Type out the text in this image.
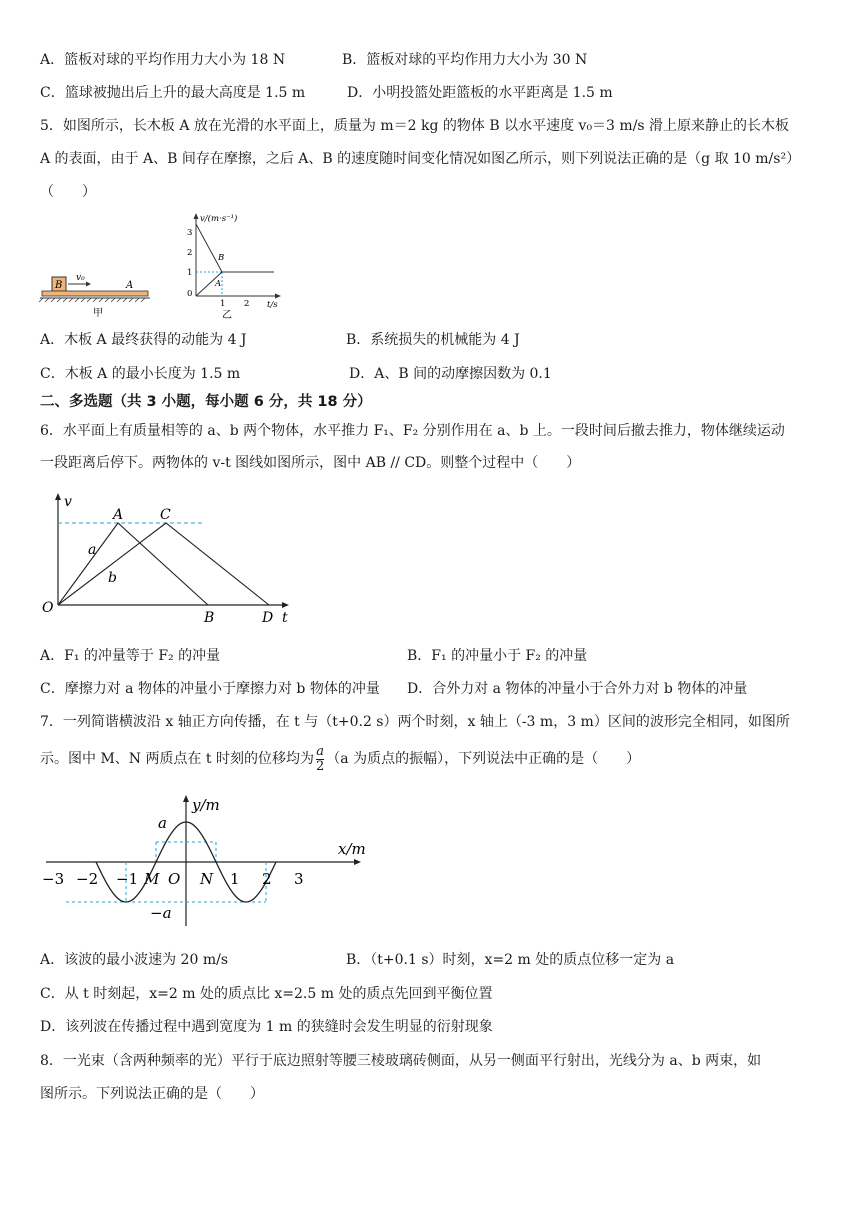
A．篮板对球的平均作用力大小为 18 N	B．篮板对球的平均作用力大小为 30 N
C．篮球被抛出后上升的最大高度是 1.5 m	D．小明投篮处距篮板的水平距离是 1.5 m
5．如图所示，长木板 A 放在光滑的水平面上，质量为 m＝2 kg 的物体 B 以水平速度 v₀＝3 m/s 滑上原来静止的长木板
A 的表面，由于 A、B 间存在摩擦，之后 A、B 的速度随时间变化情况如图乙所示，则下列说法正确的是（g 取 10 m/s²）
（　　）
B
v₀
A
甲
v/(m·s⁻¹)
t/s
3
2
1
0
1 2
B
A
乙
A．木板 A 最终获得的动能为 4 J	B．系统损失的机械能为 4 J
C．木板 A 的最小长度为 1.5 m	D．A、B 间的动摩擦因数为 0.1
二、多选题（共 3 小题，每小题 6 分，共 18 分）
6．水平面上有质量相等的 a、b 两个物体，水平推力 F₁、F₂ 分别作用在 a、b 上。一段时间后撤去推力，物体继续运动
一段距离后停下。两物体的 v-t 图线如图所示，图中 AB // CD。则整个过程中（　　）
v
t
O
A	C
a
b
B	D
A．F₁ 的冲量等于 F₂ 的冲量	B．F₁ 的冲量小于 F₂ 的冲量
C．摩擦力对 a 物体的冲量小于摩擦力对 b 物体的冲量 D．合外力对 a 物体的冲量小于合外力对 b 物体的冲量
7．一列简谐横波沿 x 轴正方向传播，在 t 与（t+0.2 s）两个时刻，x 轴上（-3 m，3 m）区间的波形完全相同，如图所
示。图中 M、N 两质点在 t 时刻的位移均为 $\frac{a}{2} (a$ 为质点的振幅），下列说法中正确的是（　　）
y/m
x/m
a
−a
−3 −2 −1 M O N 1 2 3
A．该波的最小波速为 20 m/s	B．（t+0.1 s）时刻，x=2 m 处的质点位移一定为 a
C．从 t 时刻起，x=2 m 处的质点比 x=2.5 m 处的质点先回到平衡位置
D．该列波在传播过程中遇到宽度为 1 m 的狭缝时会发生明显的衍射现象
8．一光束（含两种频率的光）平行于底边照射等腰三棱玻璃砖侧面，从另一侧面平行射出，光线分为 a、b 两束，如
图所示。下列说法正确的是（　　）
